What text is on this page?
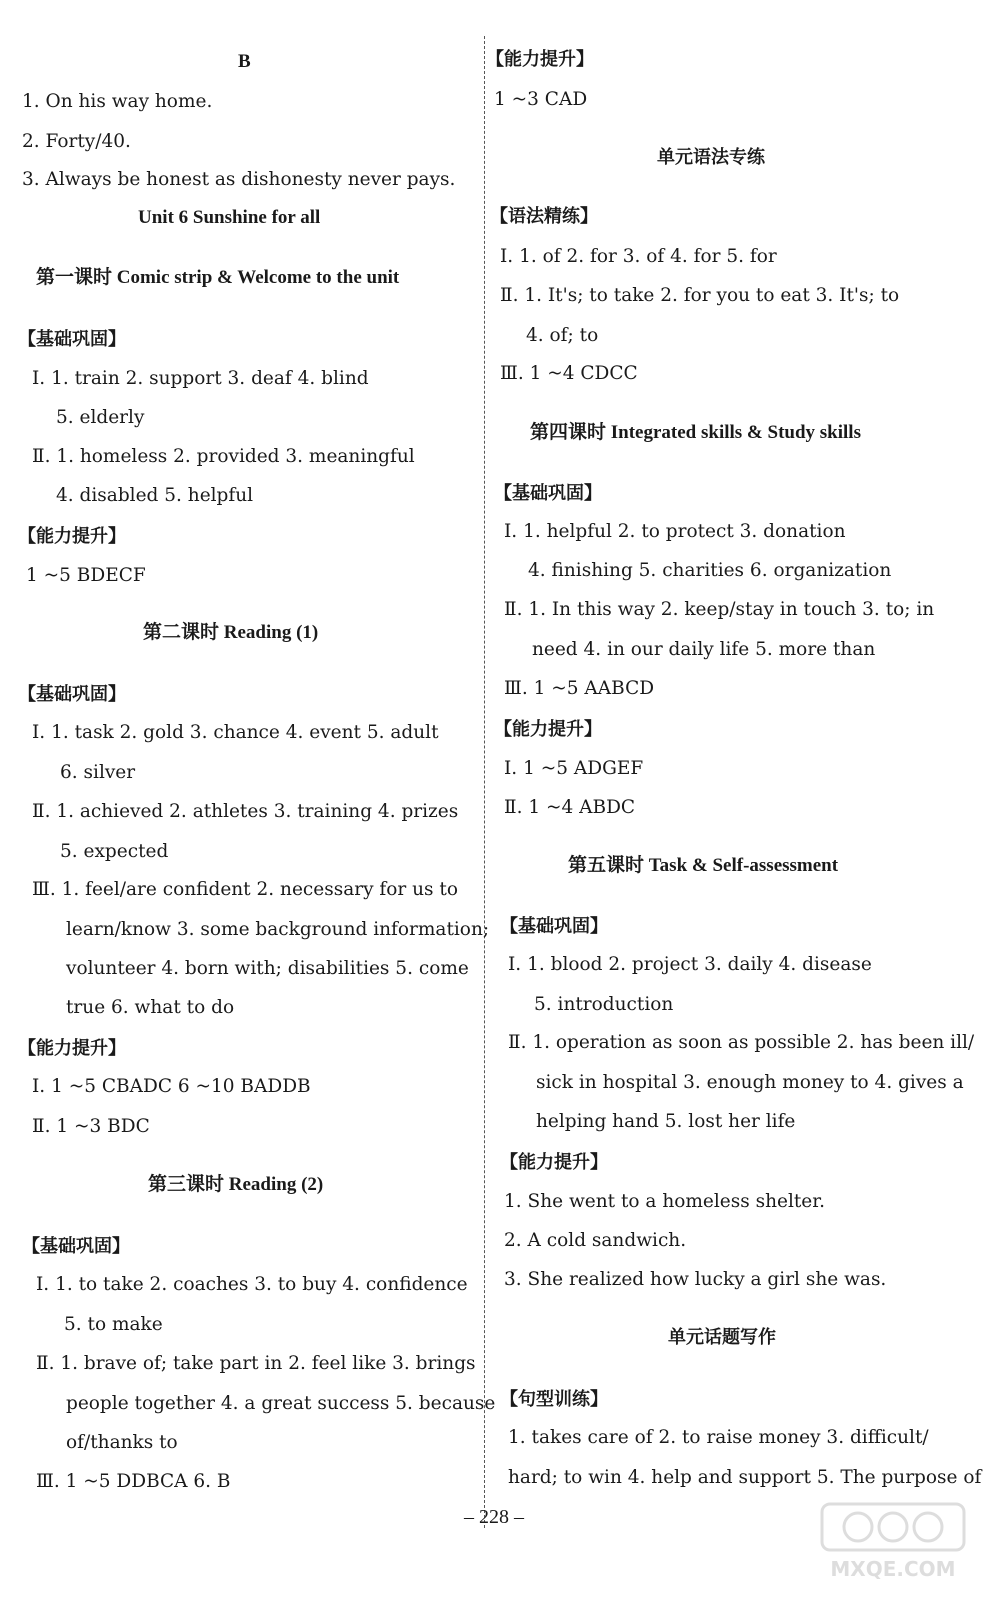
B
1. On his way home.
2. Forty/40.
3. Always be honest as dishonesty never pays.
Unit 6 Sunshine for all
第一课时 Comic strip & Welcome to the unit
【基础巩固】
Ⅰ. 1. train 2. support 3. deaf 4. blind
5. elderly
Ⅱ. 1. homeless 2. provided 3. meaningful
4. disabled 5. helpful
【能力提升】
1 ~5 BDECF
第二课时 Reading (1)
【基础巩固】
Ⅰ. 1. task 2. gold 3. chance 4. event 5. adult
6. silver
Ⅱ. 1. achieved 2. athletes 3. training 4. prizes
5. expected
Ⅲ. 1. feel/are confident 2. necessary for us to
learn/know 3. some background information;
volunteer 4. born with; disabilities 5. come
true 6. what to do
【能力提升】
Ⅰ. 1 ~5 CBADC 6 ~10 BADDB
Ⅱ. 1 ~3 BDC
第三课时 Reading (2)
【基础巩固】
Ⅰ. 1. to take 2. coaches 3. to buy 4. confidence
5. to make
Ⅱ. 1. brave of; take part in 2. feel like 3. brings
people together 4. a great success 5. because
of/thanks to
Ⅲ. 1 ~5 DDBCA 6. B
【能力提升】
1 ~3 CAD
单元语法专练
【语法精练】
Ⅰ. 1. of 2. for 3. of 4. for 5. for
Ⅱ. 1. It's; to take 2. for you to eat 3. It's; to
4. of; to
Ⅲ. 1 ~4 CDCC
第四课时 Integrated skills & Study skills
【基础巩固】
Ⅰ. 1. helpful 2. to protect 3. donation
4. finishing 5. charities 6. organization
Ⅱ. 1. In this way 2. keep/stay in touch 3. to; in
need 4. in our daily life 5. more than
Ⅲ. 1 ~5 AABCD
【能力提升】
Ⅰ. 1 ~5 ADGEF
Ⅱ. 1 ~4 ABDC
第五课时 Task & Self-assessment
【基础巩固】
Ⅰ. 1. blood 2. project 3. daily 4. disease
5. introduction
Ⅱ. 1. operation as soon as possible 2. has been ill/
sick in hospital 3. enough money to 4. gives a
helping hand 5. lost her life
【能力提升】
1. She went to a homeless shelter.
2. A cold sandwich.
3. She realized how lucky a girl she was.
单元话题写作
【句型训练】
1. takes care of 2. to raise money 3. difficult/
hard; to win 4. help and support 5. The purpose of
– 228 –
MXQE.COM
